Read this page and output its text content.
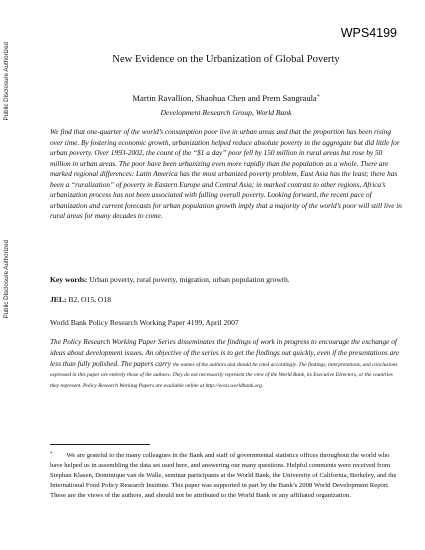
Public Disclosure Authorized
Public Disclosure Authorized
WPS4199
New Evidence on the Urbanization of Global Poverty
Martin Ravallion, Shaohua Chen and Prem Sangraula*
Development Research Group, World Bank

We find that one-quarter of the world’s consumption poor live in urban areas and that the proportion has been rising over time. By fostering economic growth, urbanization helped reduce absolute poverty in the aggregate but did little for urban poverty. Over 1993-2002, the count of the “$1 a day” poor fell by 150 million in rural areas but rose by 50 million in urban areas. The poor have been urbanizing even more rapidly than the population as a whole. There are marked regional differences: Latin America has the most urbanized poverty problem, East Asia has the least; there has been a “ruralization” of poverty in Eastern Europe and Central Asia; in marked contrast to other regions, Africa’s urbanization process has not been associated with falling overall poverty. Looking forward, the recent pace of urbanization and current forecasts for urban population growth imply that a majority of the world’s poor will still live in rural areas for many decades to come.

Key words: Urban poverty, rural poverty, migration, urban population growth.

JEL: B2, O15, O18

World Bank Policy Research Working Paper 4199, April 2007

The Policy Research Working Paper Series disseminates the findings of work in progress to encourage the exchange of ideas about development issues. An objective of the series is to get the findings out quickly, even if the presentations are less than fully polished. The papers carry the names of the authors and should be cited accordingly. The findings, interpretations, and conclusions expressed in this paper are entirely those of the authors. They do not necessarily represent the view of the World Bank, its Executive Directors, or the countries they represent. Policy Research Working Papers are available online at http://econ.worldbank.org.

* We are grateful to the many colleagues in the Bank and staff of governmental statistics offices throughout the world who have helped us in assembling the data set used here, and answering our many questions. Helpful comments were received from Stephan Klasen, Dominique van de Walle, seminar participants at the World Bank, the University of California, Berkeley, and the International Food Policy Research Institute. This paper was supported in part by the Bank’s 2008 World Development Report. These are the views of the authors, and should not be attributed to the World Bank or any affiliated organization.
